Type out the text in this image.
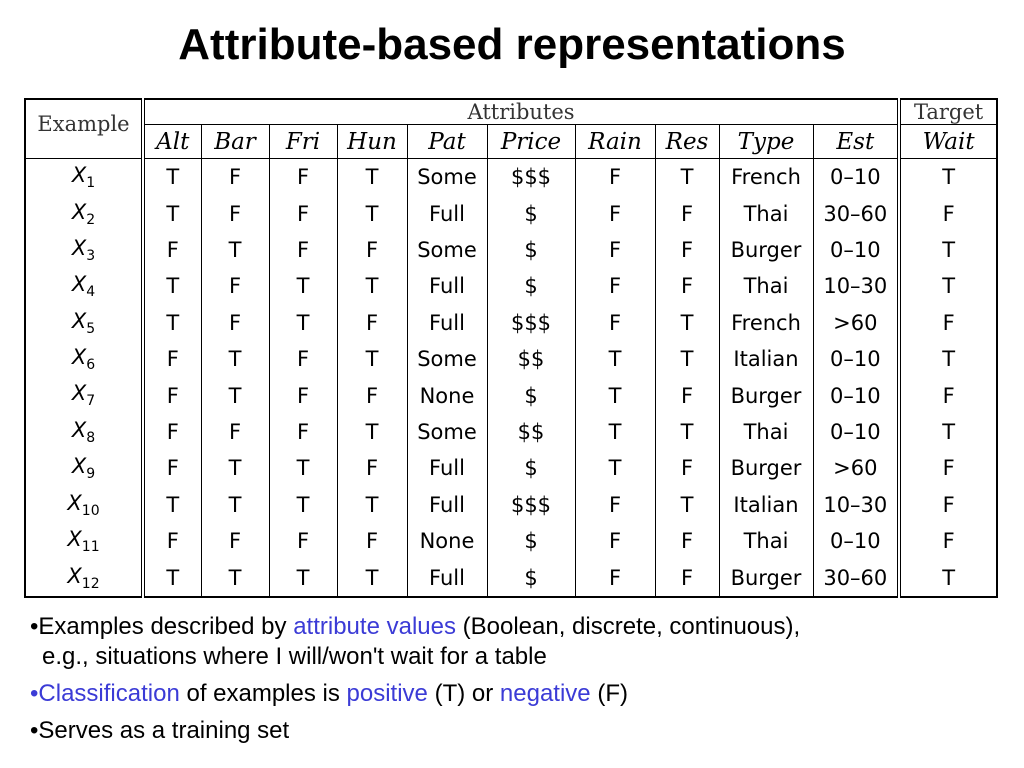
Attribute-based representations
Example	Attributes										Target
	Alt	Bar	Fri	Hun	Pat	Price	Rain	Res	Type	Est	Wait
$X_1$	T	F	F	T	Some	$$$	F	T	French	0–10	T
$X_2$	T	F	F	T	Full	$	F	F	Thai	30–60	F
$X_3$	F	T	F	F	Some	$	F	F	Burger	0–10	T
$X_4$	T	F	T	T	Full	$	F	F	Thai	10–30	T
$X_5$	T	F	T	F	Full	$$$	F	T	French	>60	F
$X_6$	F	T	F	T	Some	$$	T	T	Italian	0–10	T
$X_7$	F	T	F	F	None	$	T	F	Burger	0–10	F
$X_8$	F	F	F	T	Some	$$	T	T	Thai	0–10	T
$X_9$	F	T	T	F	Full	$	T	F	Burger	>60	F
$X_{10}$	T	T	T	T	Full	$$$	F	T	Italian	10–30	F
$X_{11}$	F	F	F	F	None	$	F	F	Thai	0–10	F
$X_{12}$	T	T	T	T	Full	$	F	F	Burger	30–60	T
•Examples described by attribute values (Boolean, discrete, continuous),
e.g., situations where I will/won't wait for a table
•Classification of examples is positive (T) or negative (F)
•Serves as a training set
